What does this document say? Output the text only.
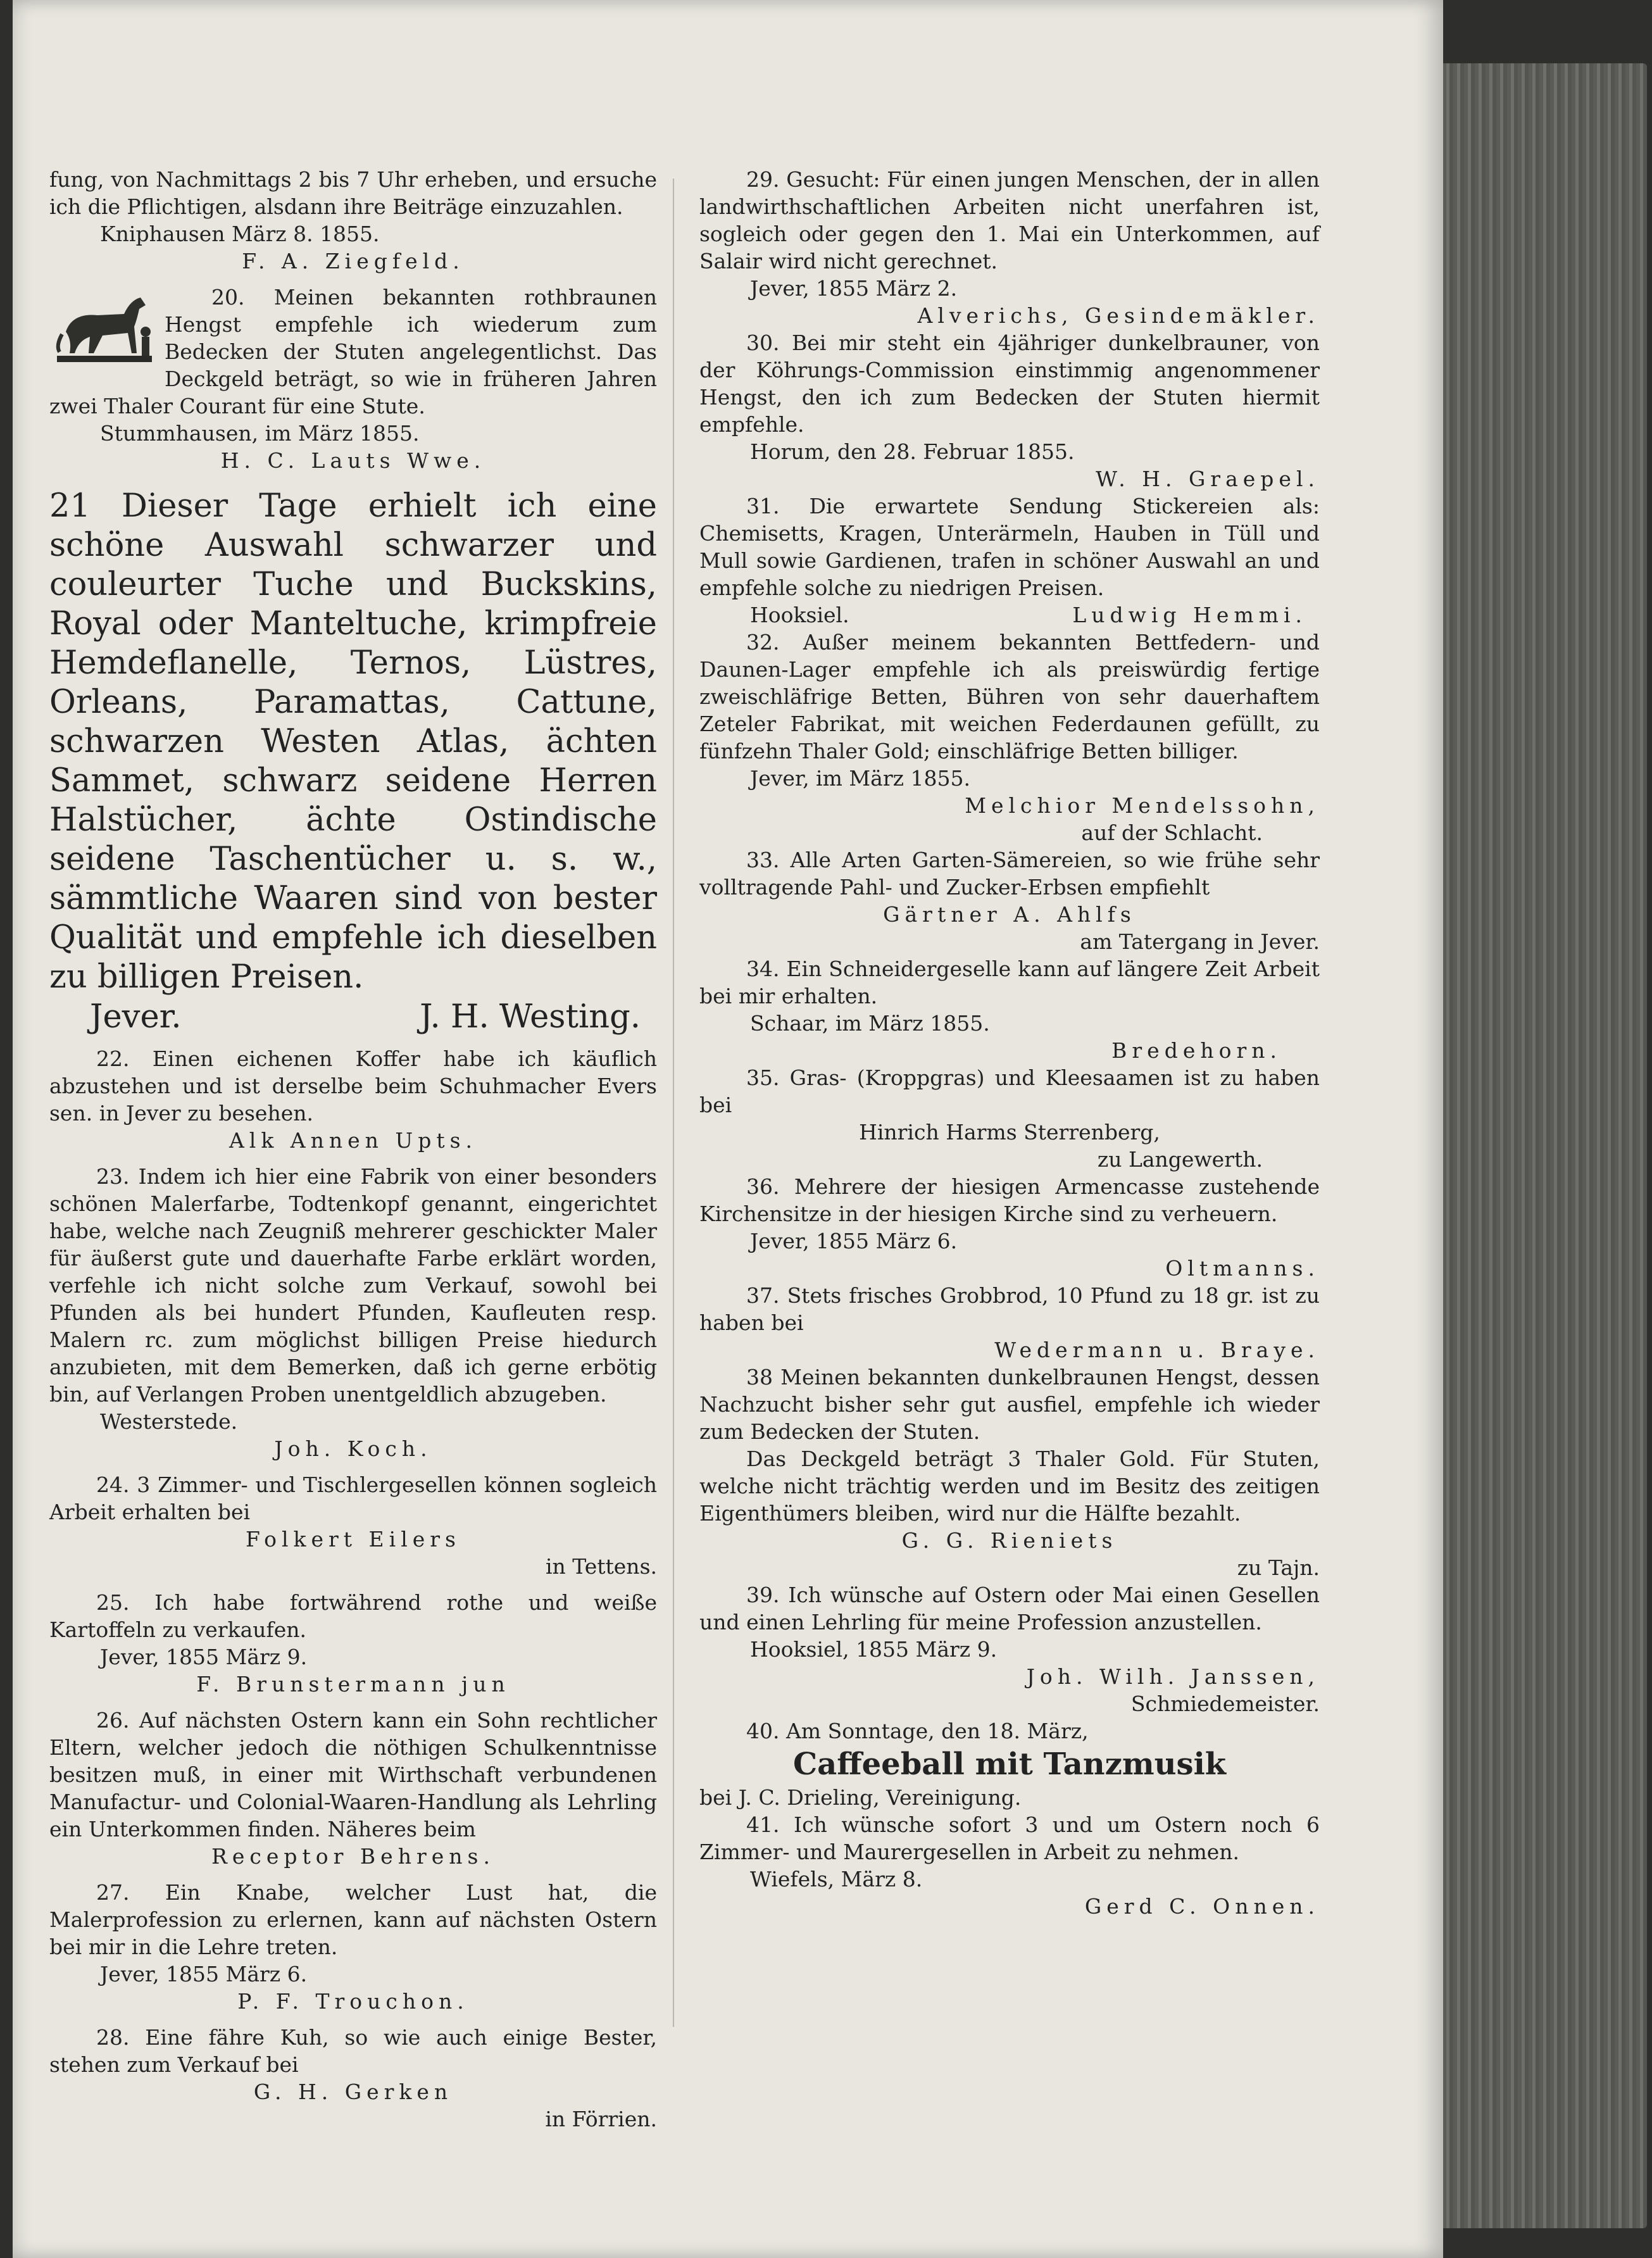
fung, von Nachmittags 2 bis 7 Uhr erheben, und ersuche ich die Pflichtigen, alsdann ihre Beiträge einzuzahlen.

Kniphausen März 8. 1855.

F. A. Ziegfeld.

20. Meinen bekannten rothbraunen Hengst empfehle ich wiederum zum Bedecken der Stuten angelegentlichst. Das Deckgeld beträgt, so wie in früheren Jahren zwei Thaler Courant für eine Stute.

Stummhausen, im März 1855.

H. C. Lauts Wwe.

21 Dieser Tage erhielt ich eine schöne Auswahl schwarzer und couleurter Tuche und Buckskins, Royal oder Manteltuche, krimpfreie Hemdeflanelle, Ternos, Lüstres, Orleans, Paramattas, Cattune, schwarzen Westen Atlas, ächten Sammet, schwarz seidene Herren Halstücher, ächte Ostindische seidene Taschentücher u. s. w., sämmtliche Waaren sind von bester Qualität und empfehle ich dieselben zu billigen Preisen.

Jever.	J. H. Westing.

22. Einen eichenen Koffer habe ich käuflich abzustehen und ist derselbe beim Schuhmacher Evers sen. in Jever zu besehen.

Alk Annen Upts.

23. Indem ich hier eine Fabrik von einer besonders schönen Malerfarbe, Todtenkopf genannt, eingerichtet habe, welche nach Zeugniß mehrerer geschickter Maler für äußerst gute und dauerhafte Farbe erklärt worden, verfehle ich nicht solche zum Verkauf, sowohl bei Pfunden als bei hundert Pfunden, Kaufleuten resp. Malern rc. zum möglichst billigen Preise hiedurch anzubieten, mit dem Bemerken, daß ich gerne erbötig bin, auf Verlangen Proben unentgeldlich abzugeben.

Westerstede.

Joh. Koch.

24. 3 Zimmer- und Tischlergesellen können sogleich Arbeit erhalten bei

Folkert Eilers

in Tettens.

25. Ich habe fortwährend rothe und weiße Kartoffeln zu verkaufen.

Jever, 1855 März 9.

F. Brunstermann jun

26. Auf nächsten Ostern kann ein Sohn rechtlicher Eltern, welcher jedoch die nöthigen Schulkenntnisse besitzen muß, in einer mit Wirthschaft verbundenen Manufactur- und Colonial-Waaren-Handlung als Lehrling ein Unterkommen finden. Näheres beim

Receptor Behrens.

27. Ein Knabe, welcher Lust hat, die Malerprofession zu erlernen, kann auf nächsten Ostern bei mir in die Lehre treten.

Jever, 1855 März 6.

P. F. Trouchon.

28. Eine fähre Kuh, so wie auch einige Bester, stehen zum Verkauf bei

G. H. Gerken

in Förrien.

29. Gesucht: Für einen jungen Menschen, der in allen landwirthschaftlichen Arbeiten nicht unerfahren ist, sogleich oder gegen den 1. Mai ein Unterkommen, auf Salair wird nicht gerechnet.

Jever, 1855 März 2.

Alverichs, Gesindemäkler.

30. Bei mir steht ein 4jähriger dunkelbrauner, von der Köhrungs-Commission einstimmig angenommener Hengst, den ich zum Bedecken der Stuten hiermit empfehle.

Horum, den 28. Februar 1855.

W. H. Graepel.

31. Die erwartete Sendung Stickereien als: Chemisetts, Kragen, Unterärmeln, Hauben in Tüll und Mull sowie Gardienen, trafen in schöner Auswahl an und empfehle solche zu niedrigen Preisen.

Hooksiel.	Ludwig Hemmi.

32. Außer meinem bekannten Bettfedern- und Daunen-Lager empfehle ich als preiswürdig fertige zweischläfrige Betten, Bühren von sehr dauerhaftem Zeteler Fabrikat, mit weichen Federdaunen gefüllt, zu fünfzehn Thaler Gold; einschläfrige Betten billiger.

Jever, im März 1855.

Melchior Mendelssohn,

auf der Schlacht.

33. Alle Arten Garten-Sämereien, so wie frühe sehr volltragende Pahl- und Zucker-Erbsen empfiehlt

Gärtner A. Ahlfs

am Tatergang in Jever.

34. Ein Schneidergeselle kann auf längere Zeit Arbeit bei mir erhalten.

Schaar, im März 1855.

Bredehorn.

35. Gras- (Kroppgras) und Kleesaamen ist zu haben bei

Hinrich Harms Sterrenberg,

zu Langewerth.

36. Mehrere der hiesigen Armencasse zustehende Kirchensitze in der hiesigen Kirche sind zu verheuern.

Jever, 1855 März 6.

Oltmanns.

37. Stets frisches Grobbrod, 10 Pfund zu 18 gr. ist zu haben bei

Wedermann u. Braye.

38 Meinen bekannten dunkelbraunen Hengst, dessen Nachzucht bisher sehr gut ausfiel, empfehle ich wieder zum Bedecken der Stuten.

Das Deckgeld beträgt 3 Thaler Gold. Für Stuten, welche nicht trächtig werden und im Besitz des zeitigen Eigenthümers bleiben, wird nur die Hälfte bezahlt.

G. G. Rieniets

zu Tajn.

39. Ich wünsche auf Ostern oder Mai einen Gesellen und einen Lehrling für meine Profession anzustellen.

Hooksiel, 1855 März 9.

Joh. Wilh. Janssen,

Schmiedemeister.

40. Am Sonntage, den 18. März,

Caffeeball mit Tanzmusik

bei J. C. Drieling, Vereinigung.

41. Ich wünsche sofort 3 und um Ostern noch 6 Zimmer- und Maurergesellen in Arbeit zu nehmen.

Wiefels, März 8.

Gerd C. Onnen.
